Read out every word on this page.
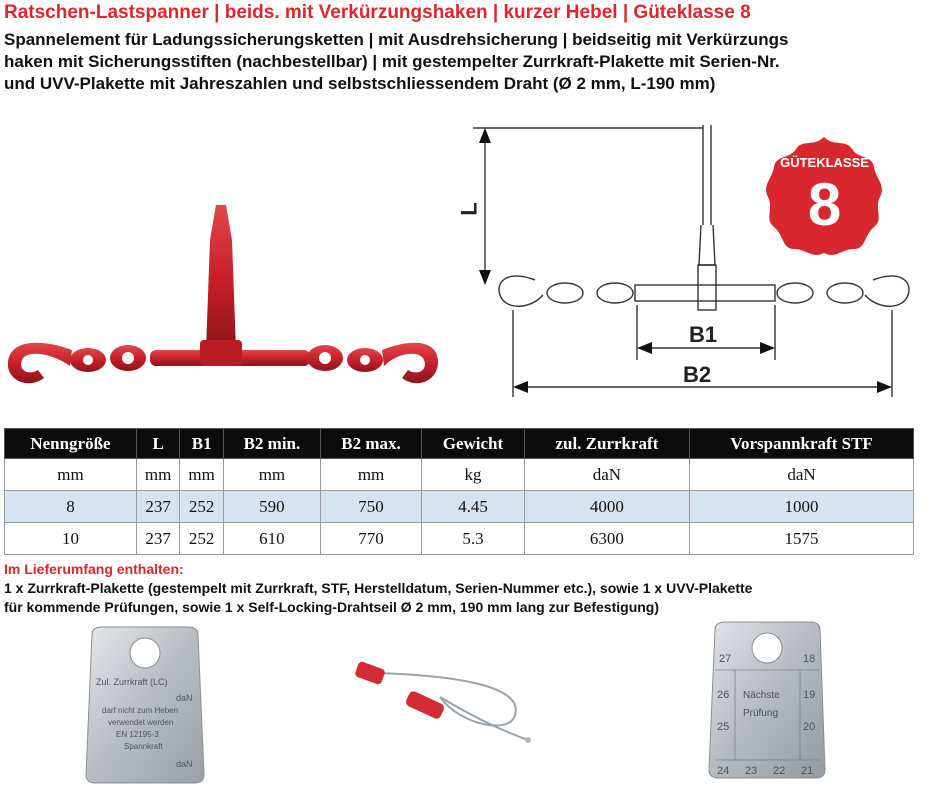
Ratschen-Lastspanner | beids. mit Verkürzungshaken | kurzer Hebel | Güteklasse 8
Spannelement für Ladungssicherungsketten | mit Ausdrehsicherung | beidseitig mit Verkürzungs
haken mit Sicherungsstiften (nachbestellbar) | mit gestempelter Zurrkraft-Plakette mit Serien-Nr.
und UVV-Plakette mit Jahreszahlen und selbstschliessendem Draht (Ø 2 mm, L-190 mm)
L
B1
B2
GÜTEKLASSE
8
Nenngröße	L	B1	B2 min.	B2 max.	Gewicht	zul. Zurrkraft	Vorspannkraft STF
mm	mm	mm	mm	mm	kg	daN	daN
8	237	252	590	750	4.45	4000	1000
10	237	252	610	770	5.3	6300	1575
Im Lieferumfang enthalten:
1 x Zurrkraft-Plakette (gestempelt mit Zurrkraft, STF, Herstelldatum, Serien-Nummer etc.), sowie 1 x UVV-Plakette
für kommende Prüfungen, sowie 1 x Self-Locking-Drahtseil Ø 2 mm, 190 mm lang zur Befestigung)
Zul. Zurrkraft (LC)
daN
darf nicht zum Heben
verwendet werden
EN 12195-3
Spannkraft
daN
27	18
26	19
25	20
24 23 22 21
Nächste
Prüfung
